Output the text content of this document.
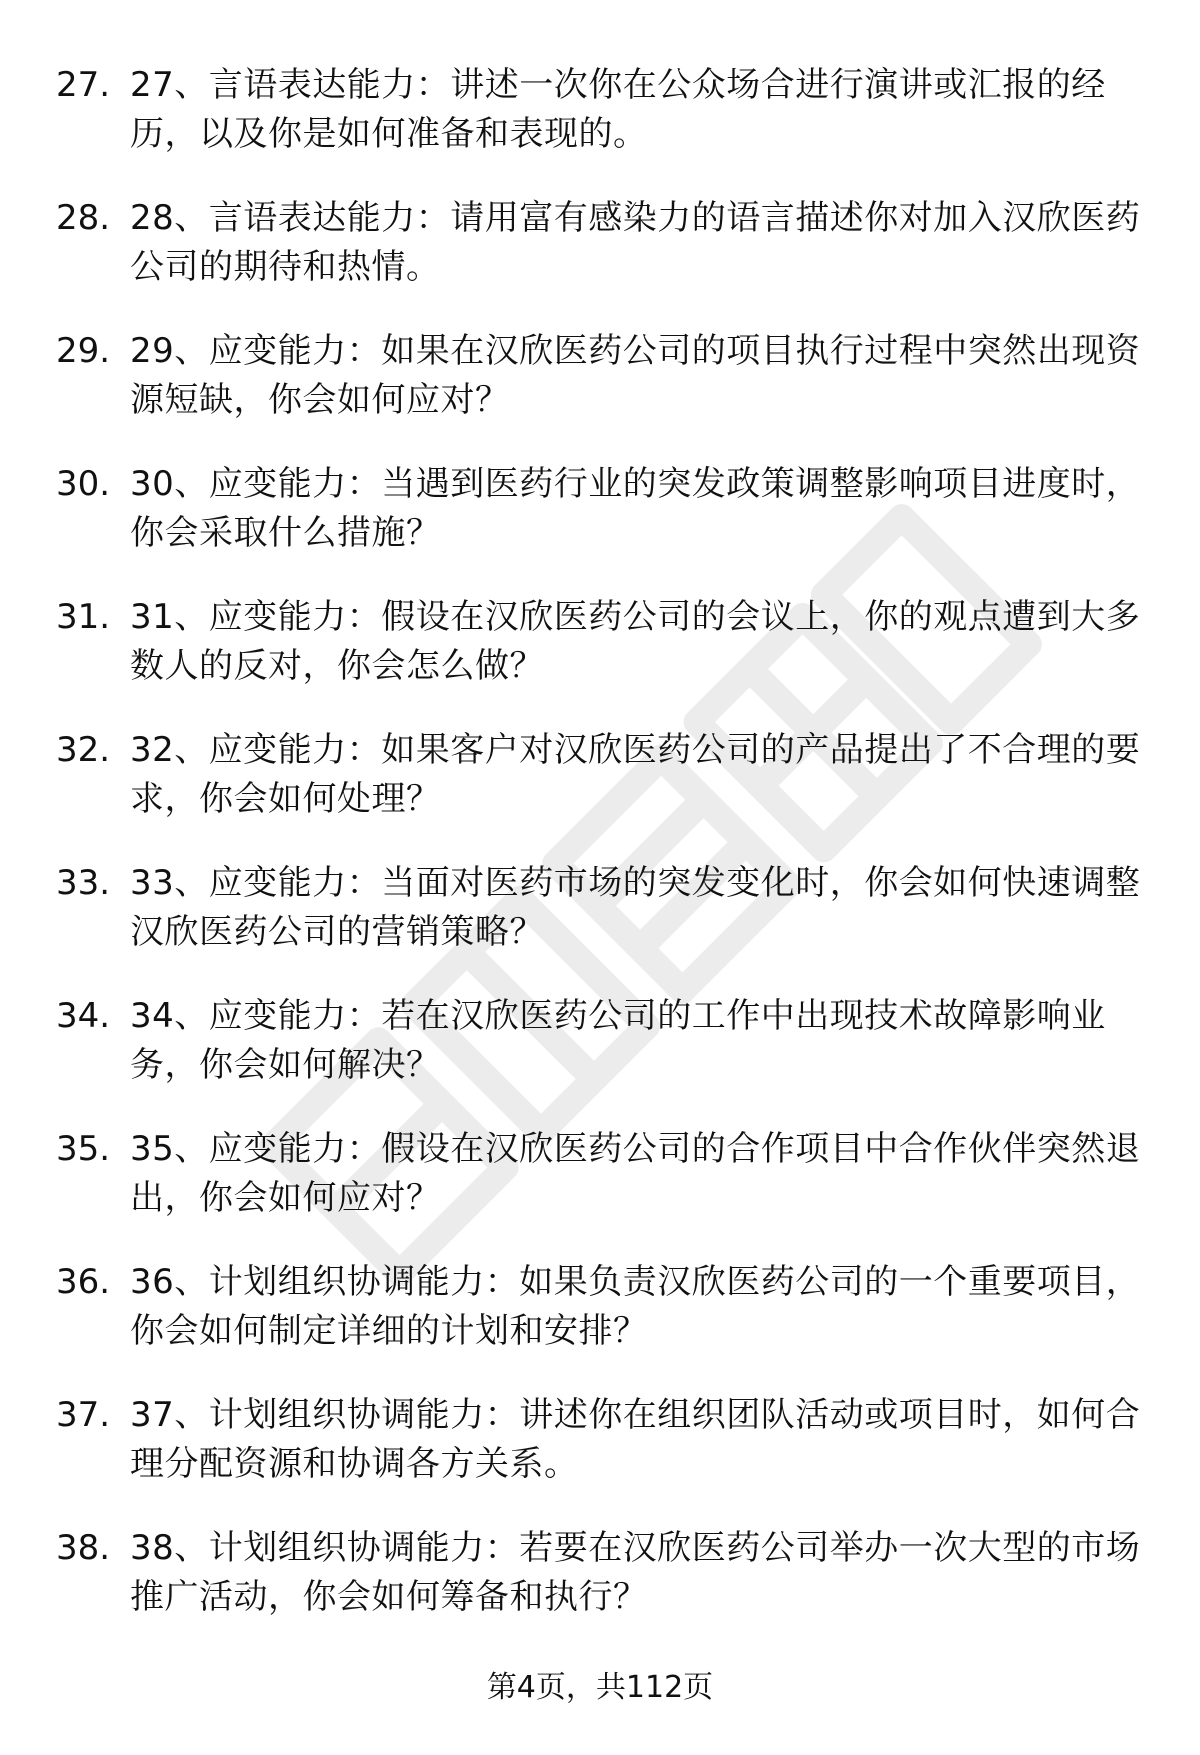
27. 27、言语表达能力：讲述一次你在公众场合进行演讲或汇报的经历，以及你是如何准备和表现的。
28. 28、言语表达能力：请用富有感染力的语言描述你对加入汉欣医药公司的期待和热情。
29. 29、应变能力：如果在汉欣医药公司的项目执行过程中突然出现资源短缺，你会如何应对？
30. 30、应变能力：当遇到医药行业的突发政策调整影响项目进度时，你会采取什么措施？
31. 31、应变能力：假设在汉欣医药公司的会议上，你的观点遭到大多数人的反对，你会怎么做？
32. 32、应变能力：如果客户对汉欣医药公司的产品提出了不合理的要求，你会如何处理？
33. 33、应变能力：当面对医药市场的突发变化时，你会如何快速调整汉欣医药公司的营销策略？
34. 34、应变能力：若在汉欣医药公司的工作中出现技术故障影响业务，你会如何解决？
35. 35、应变能力：假设在汉欣医药公司的合作项目中合作伙伴突然退出，你会如何应对？
36. 36、计划组织协调能力：如果负责汉欣医药公司的一个重要项目，你会如何制定详细的计划和安排？
37. 37、计划组织协调能力：讲述你在组织团队活动或项目时，如何合理分配资源和协调各方关系。
38. 38、计划组织协调能力：若要在汉欣医药公司举办一次大型的市场推广活动，你会如何筹备和执行？
第4页，共112页
